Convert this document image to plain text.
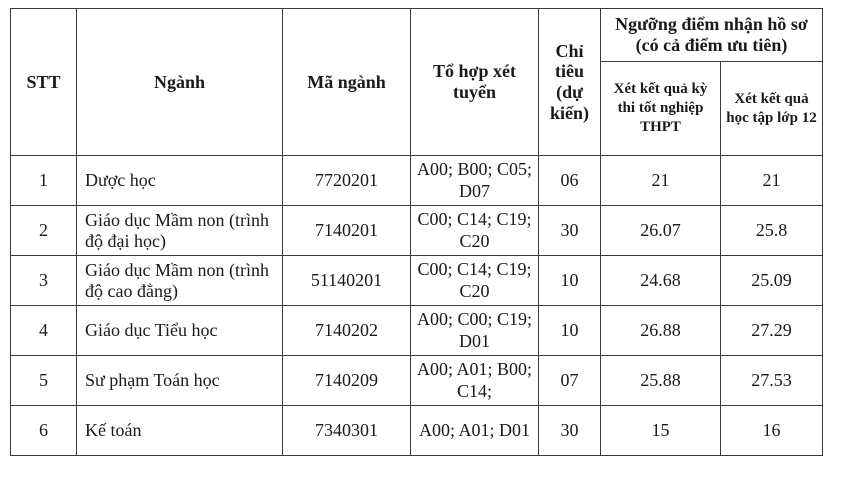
STT	Ngành	Mã ngành	Tổ hợp xét tuyển	Chỉ tiêu (dự kiến)	Ngưỡng điểm nhận hồ sơ (có cả điểm ưu tiên)	
					Xét kết quả kỳ thi tốt nghiệp THPT	Xét kết quả học tập lớp 12
1	Dược học	7720201	A00; B00; C05; D07	06	21	21
2	Giáo dục Mầm non (trình độ đại học)	7140201	C00; C14; C19; C20	30	26.07	25.8
3	Giáo dục Mầm non (trình độ cao đẳng)	51140201	C00; C14; C19; C20	10	24.68	25.09
4	Giáo dục Tiểu học	7140202	A00; C00; C19; D01	10	26.88	27.29
5	Sư phạm Toán học	7140209	A00; A01; B00; C14;	07	25.88	27.53
6	Kế toán	7340301	A00; A01; D01	30	15	16
